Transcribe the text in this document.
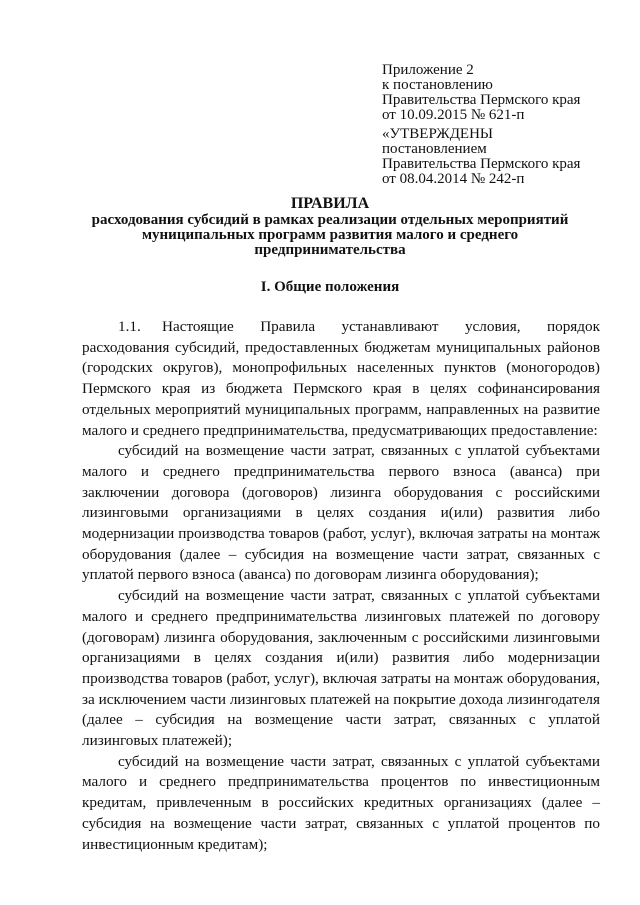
Приложение 2
к постановлению
Правительства Пермского края
от 10.09.2015 № 621-п
«УТВЕРЖДЕНЫ
постановлением
Правительства Пермского края
от 08.04.2014 № 242-п
ПРАВИЛА
расходования субсидий в рамках реализации отдельных мероприятий
муниципальных программ развития малого и среднего
предпринимательства
I. Общие положения

1.1. Настоящие Правила устанавливают условия, порядок расходования субсидий, предоставленных бюджетам муниципальных районов (городских округов), монопрофильных населенных пунктов (моногородов) Пермского края из бюджета Пермского края в целях софинансирования отдельных мероприятий муниципальных программ, направленных на развитие малого и среднего предпринимательства, предусматривающих предоставление:

субсидий на возмещение части затрат, связанных с уплатой субъектами малого и среднего предпринимательства первого взноса (аванса) при заключении договора (договоров) лизинга оборудования с российскими лизинговыми организациями в целях создания и(или) развития либо модернизации производства товаров (работ, услуг), включая затраты на монтаж оборудования (далее – субсидия на возмещение части затрат, связанных с уплатой первого взноса (аванса) по договорам лизинга оборудования);

субсидий на возмещение части затрат, связанных с уплатой субъектами малого и среднего предпринимательства лизинговых платежей по договору (договорам) лизинга оборудования, заключенным с российскими лизинговыми организациями в целях создания и(или) развития либо модернизации производства товаров (работ, услуг), включая затраты на монтаж оборудования, за исключением части лизинговых платежей на покрытие дохода лизингодателя (далее – субсидия на возмещение части затрат, связанных с уплатой лизинговых платежей);

субсидий на возмещение части затрат, связанных с уплатой субъектами малого и среднего предпринимательства процентов по инвестиционным кредитам, привлеченным в российских кредитных организациях (далее – субсидия на возмещение части затрат, связанных с уплатой процентов по инвестиционным кредитам);
